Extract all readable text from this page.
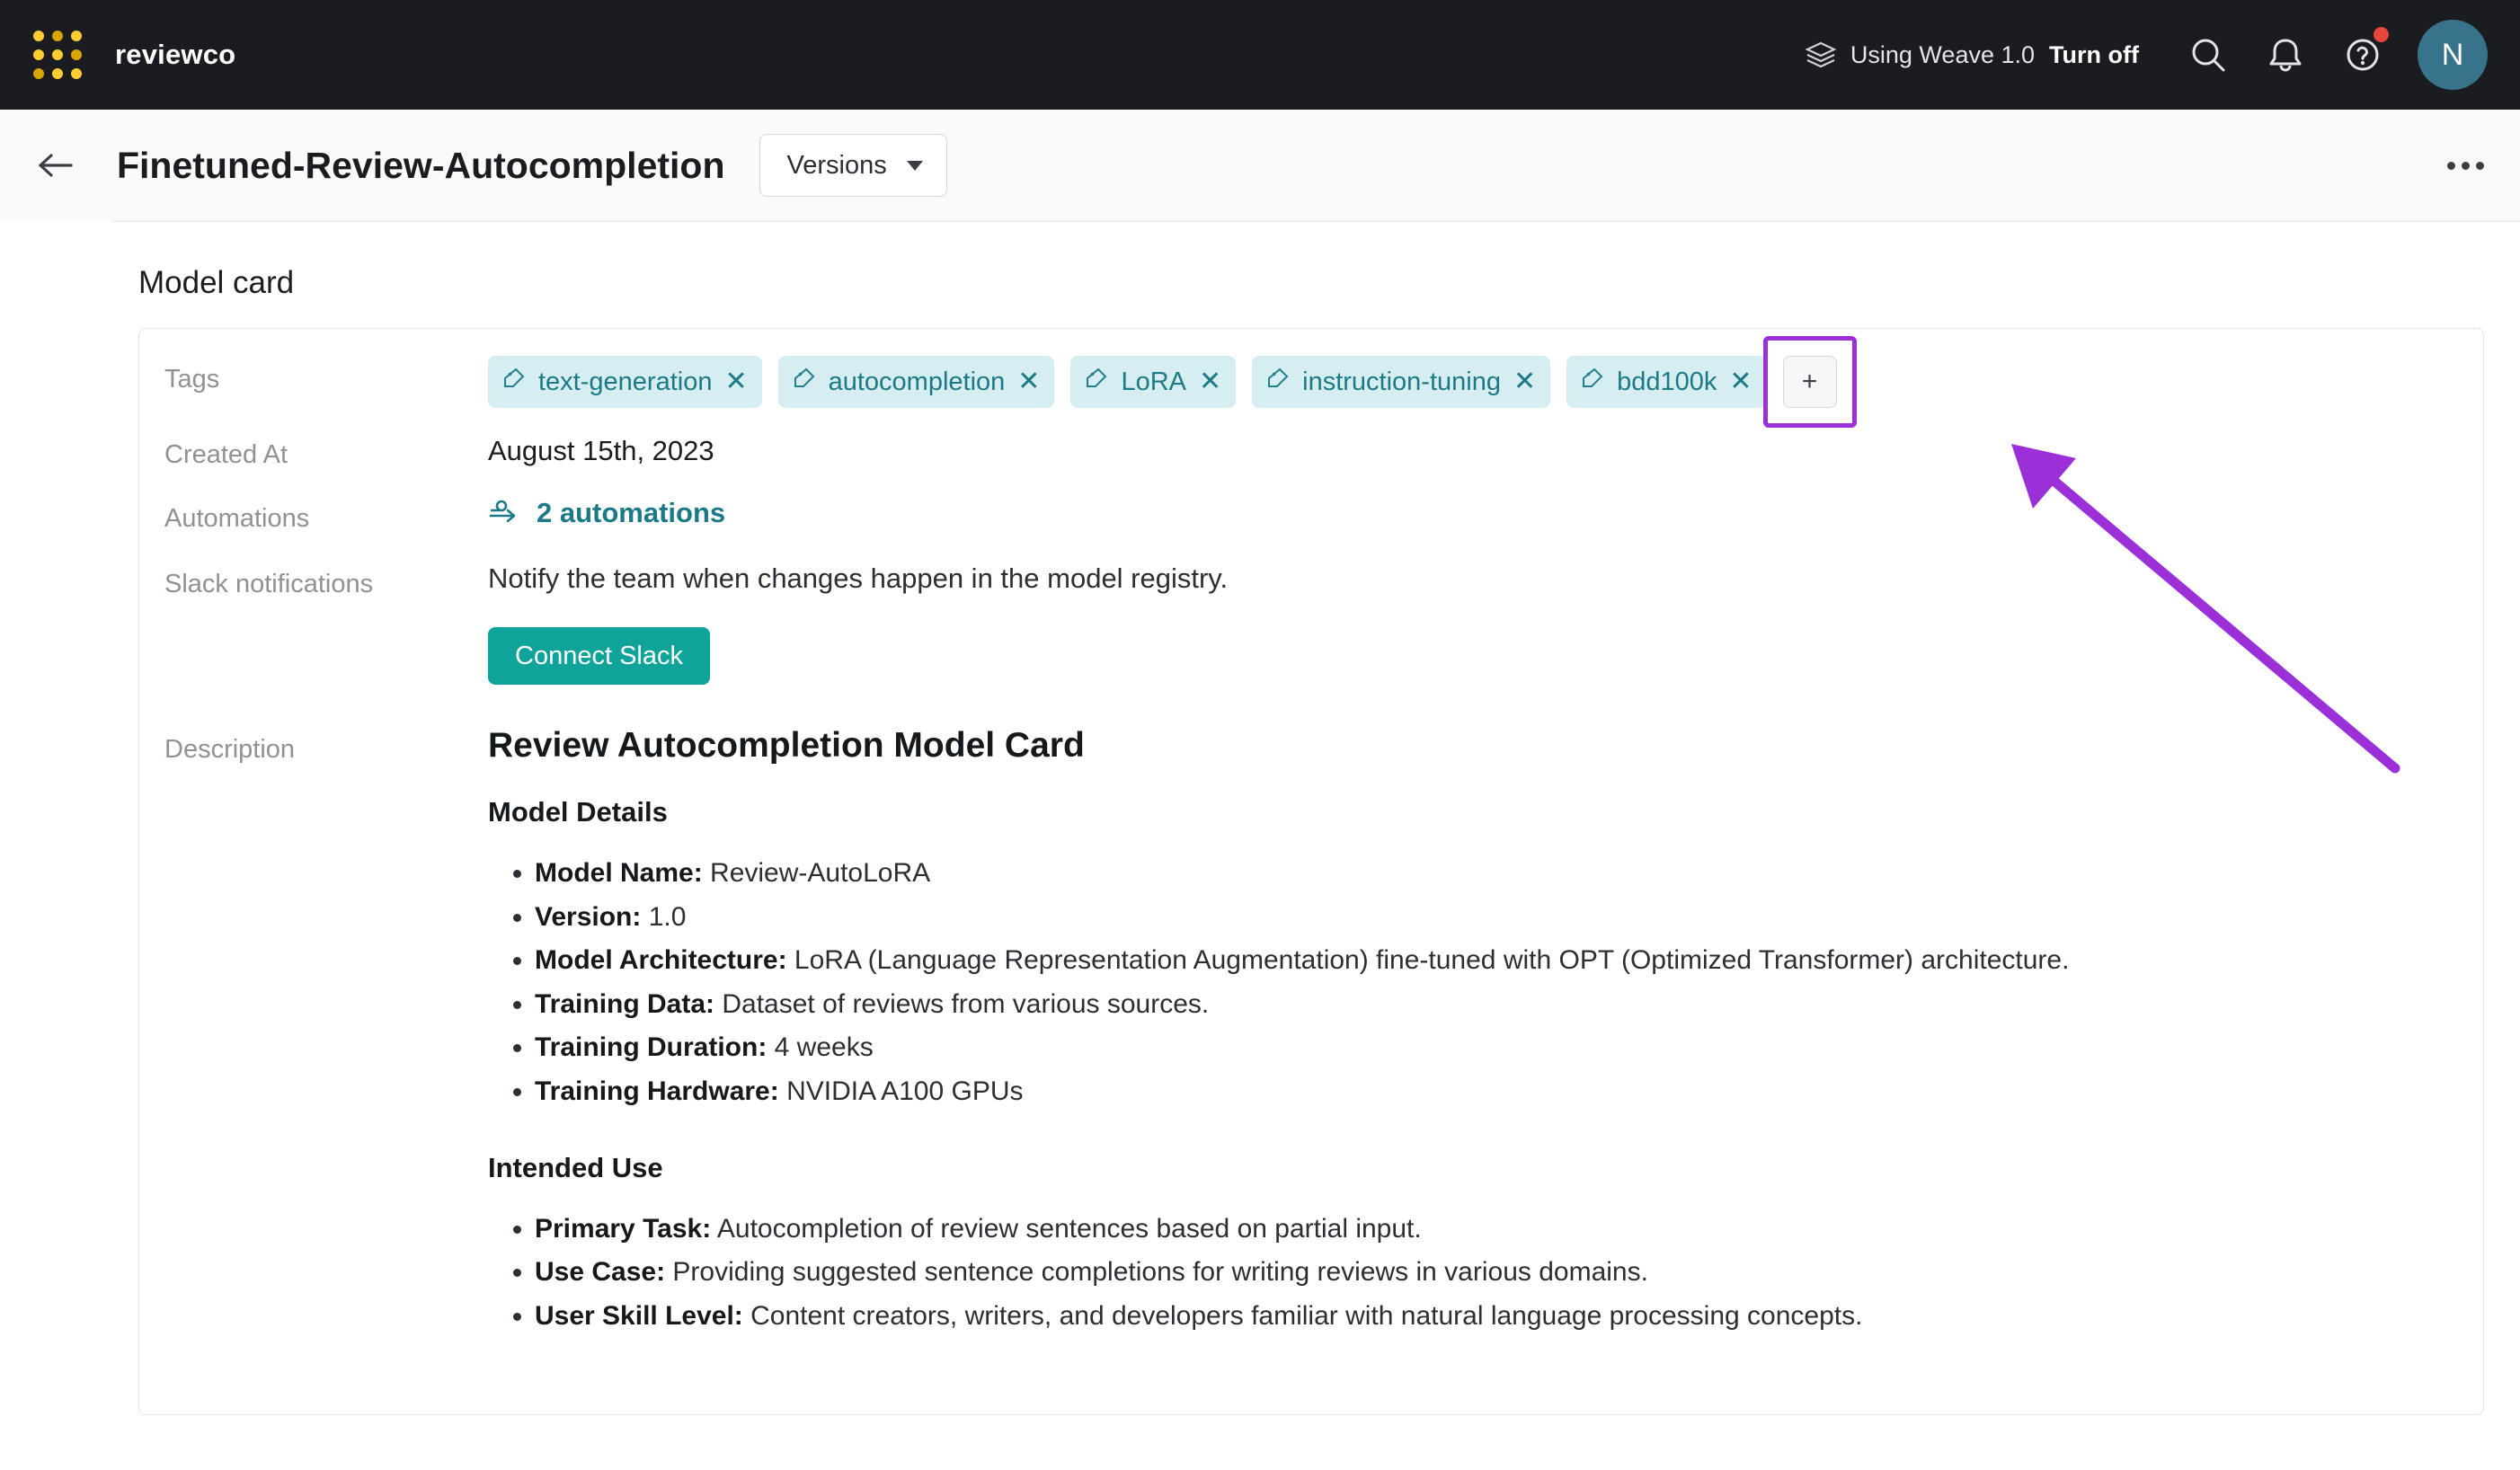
reviewco	Using Weave 1.0 Turn off	N
Finetuned-Review-Autocompletion Versions
Model card
Tags	text-generation ✕	autocompletion ✕	LoRA ✕	instruction-tuning ✕	bdd100k ✕	+
Created At	August 15th, 2023
Automations	2 automations
Slack notifications	Notify the team when changes happen in the model registry.
Connect Slack
Description	Review Autocompletion Model Card
Model Details
• Model Name: Review-AutoLoRA
• Version: 1.0
• Model Architecture: LoRA (Language Representation Augmentation) fine-tuned with OPT (Optimized Transformer) architecture.
• Training Data: Dataset of reviews from various sources.
• Training Duration: 4 weeks
• Training Hardware: NVIDIA A100 GPUs
Intended Use
• Primary Task: Autocompletion of review sentences based on partial input.
• Use Case: Providing suggested sentence completions for writing reviews in various domains.
• User Skill Level: Content creators, writers, and developers familiar with natural language processing concepts.
